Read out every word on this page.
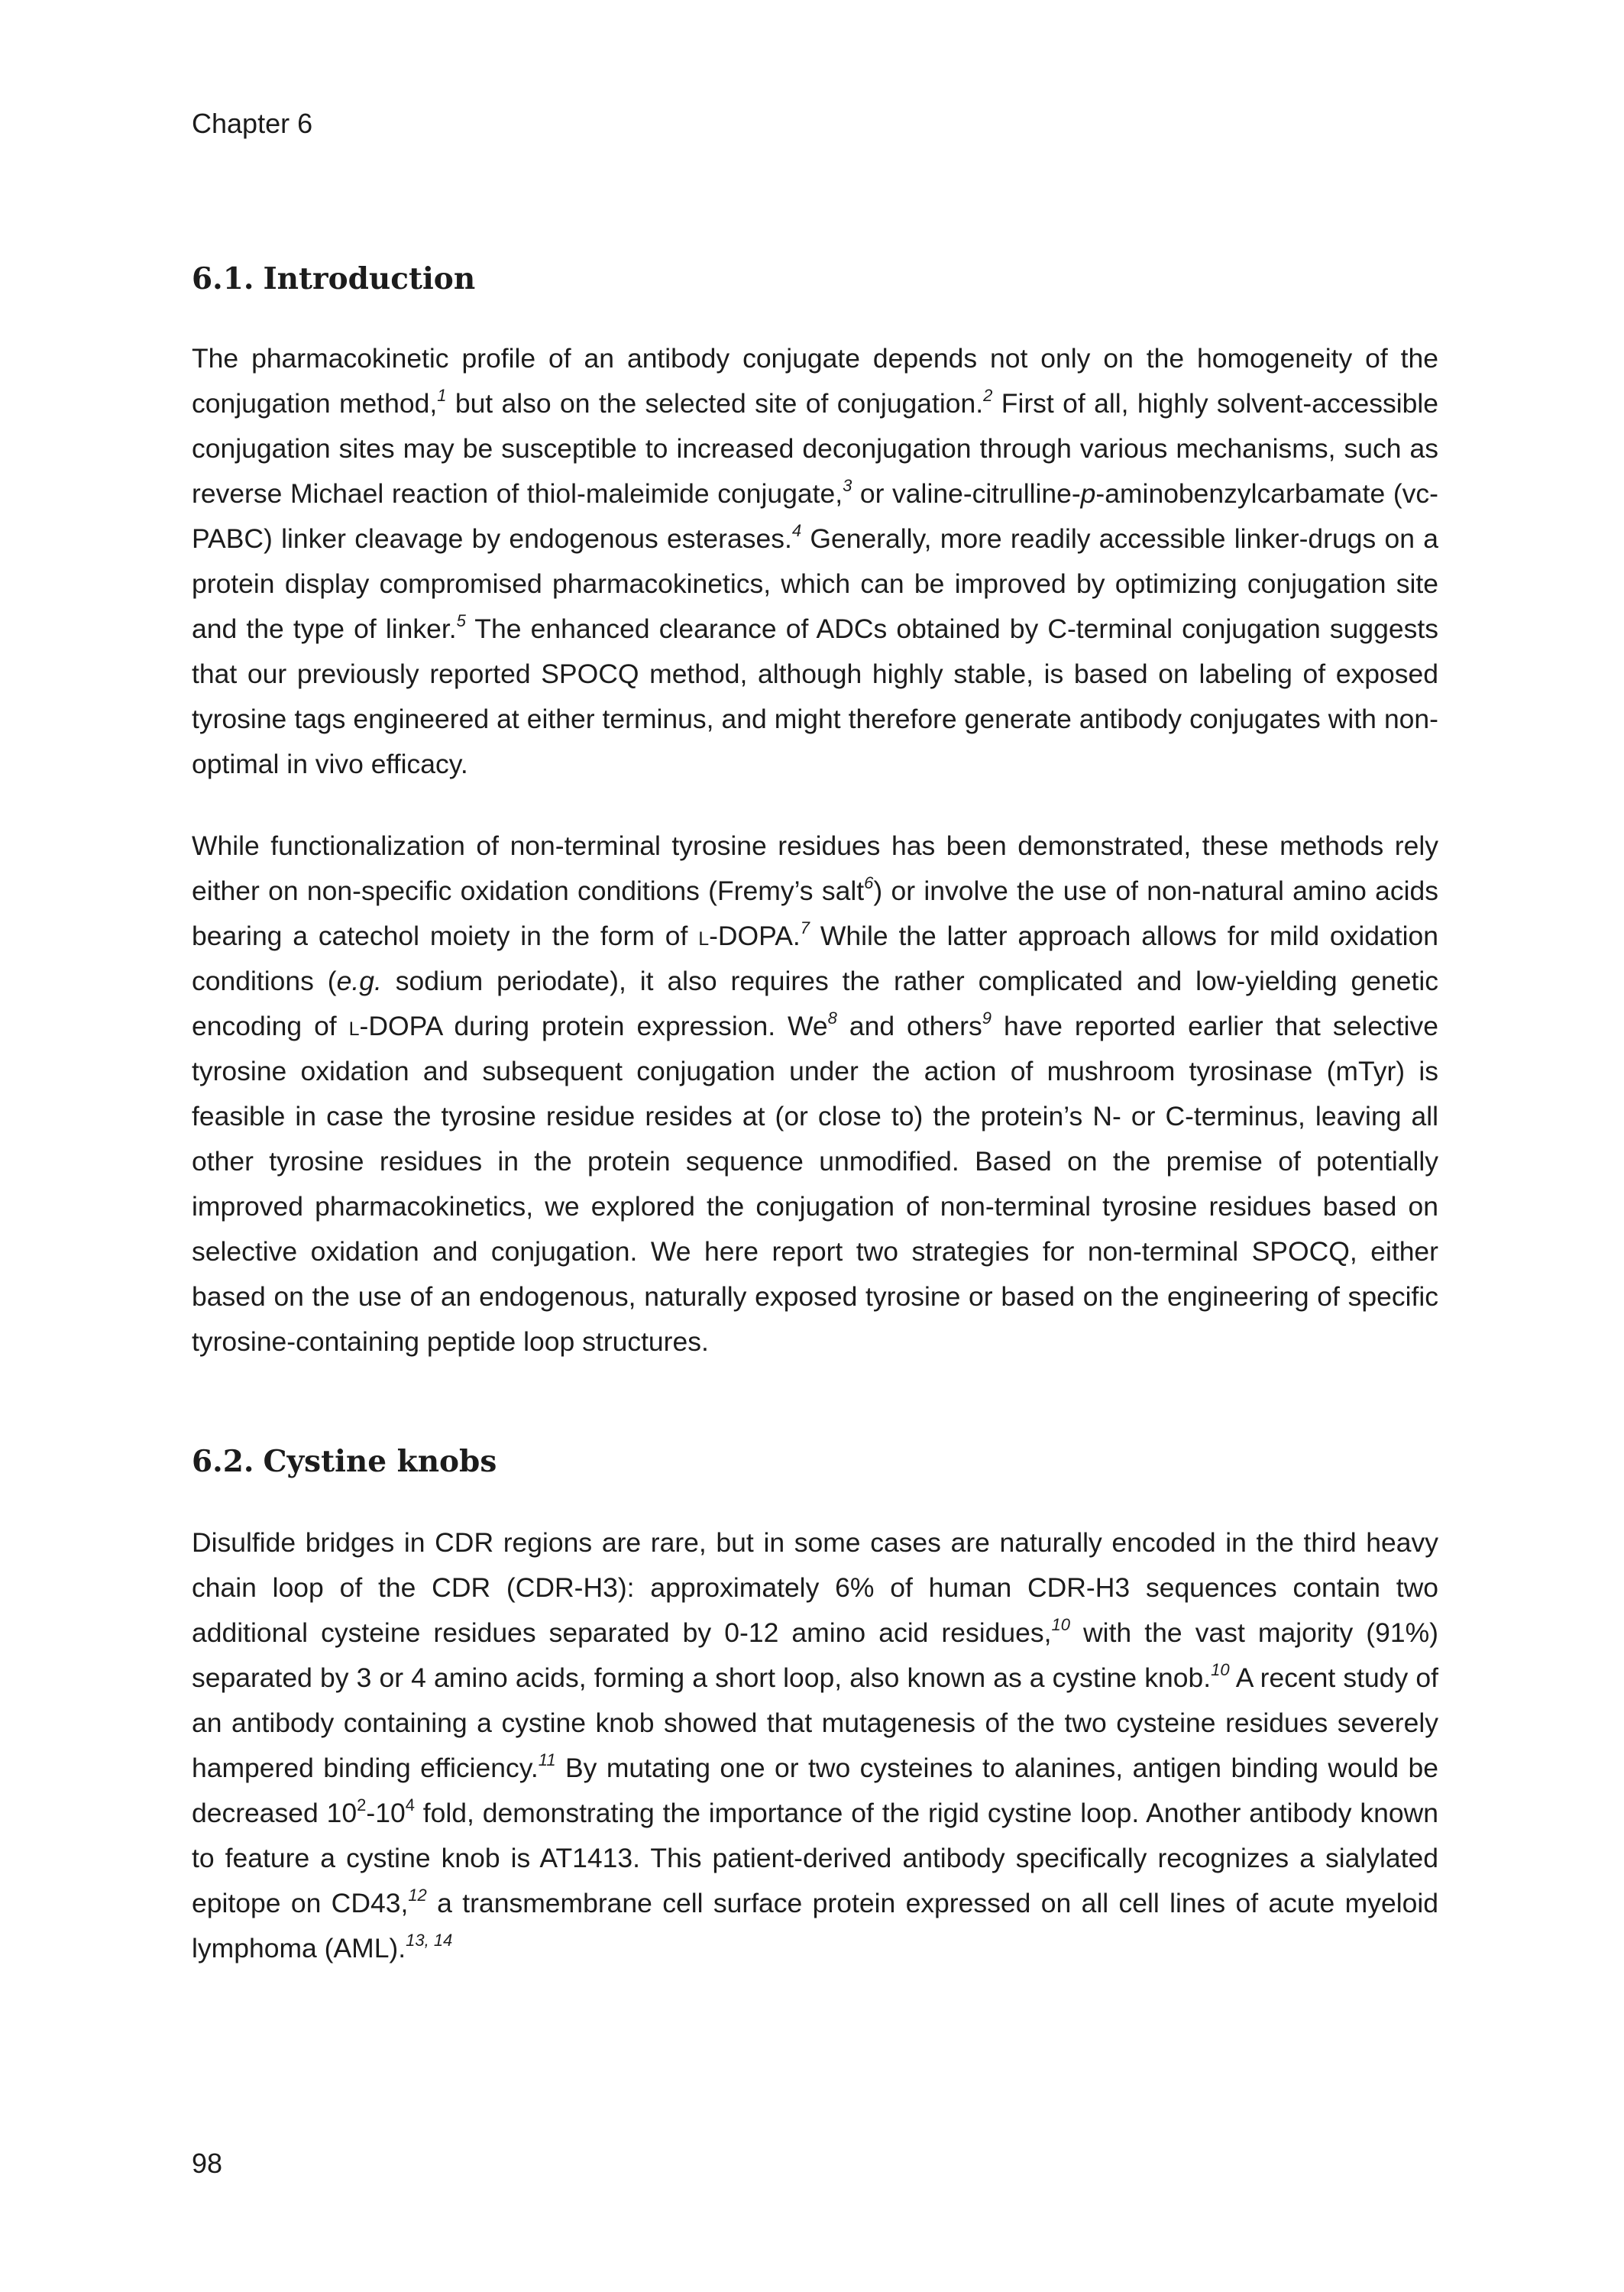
Chapter 6
6.1. Introduction

The pharmacokinetic profile of an antibody conjugate depends not only on the homogeneity of the conjugation method,$^1$ but also on the selected site of conjugation.$^2$ First of all, highly solvent-accessible conjugation sites may be susceptible to increased deconjugation through various mechanisms, such as reverse Michael reaction of thiol-maleimide conjugate,$^3$ or valine-citrulline-p-aminobenzylcarbamate (vc-PABC) linker cleavage by endogenous esterases.$^4$ Generally, more readily accessible linker-drugs on a protein display compromised pharmacokinetics, which can be improved by optimizing conjugation site and the type of linker.$^5$ The enhanced clearance of ADCs obtained by C-terminal conjugation suggests that our previously reported SPOCQ method, although highly stable, is based on labeling of exposed tyrosine tags engineered at either terminus, and might therefore generate antibody conjugates with non-optimal in vivo efficacy.

While functionalization of non-terminal tyrosine residues has been demonstrated, these methods rely either on non-specific oxidation conditions (Fremy’s salt$^6$) or involve the use of non-natural amino acids bearing a catechol moiety in the form of l-DOPA.$^7$ While the latter approach allows for mild oxidation conditions (e.g. sodium periodate), it also requires the rather complicated and low-yielding genetic encoding of l-DOPA during protein expression. We$^8$ and others$^9$ have reported earlier that selective tyrosine oxidation and subsequent conjugation under the action of mushroom tyrosinase (mTyr) is feasible in case the tyrosine residue resides at (or close to) the protein’s N- or C-terminus, leaving all other tyrosine residues in the protein sequence unmodified. Based on the premise of potentially improved pharmacokinetics, we explored the conjugation of non-terminal tyrosine residues based on selective oxidation and conjugation. We here report two strategies for non-terminal SPOCQ, either based on the use of an endogenous, naturally exposed tyrosine or based on the engineering of specific tyrosine-containing peptide loop structures.

6.2. Cystine knobs

Disulfide bridges in CDR regions are rare, but in some cases are naturally encoded in the third heavy chain loop of the CDR (CDR-H3): approximately 6% of human CDR-H3 sequences contain two additional cysteine residues separated by 0-12 amino acid residues,$^{10}$ with the vast majority (91%) separated by 3 or 4 amino acids, forming a short loop, also known as a cystine knob.$^{10}$ A recent study of an antibody containing a cystine knob showed that mutagenesis of the two cysteine residues severely hampered binding efficiency.$^{11}$ By mutating one or two cysteines to alanines, antigen binding would be decreased $10^2-10^4$ fold, demonstrating the importance of the rigid cystine loop. Another antibody known to feature a cystine knob is AT1413. This patient-derived antibody specifically recognizes a sialylated epitope on CD43,12 a transmembrane cell surface protein expressed on all cell lines of acute myeloid lymphoma (AML).$^{13, 14}$

98
